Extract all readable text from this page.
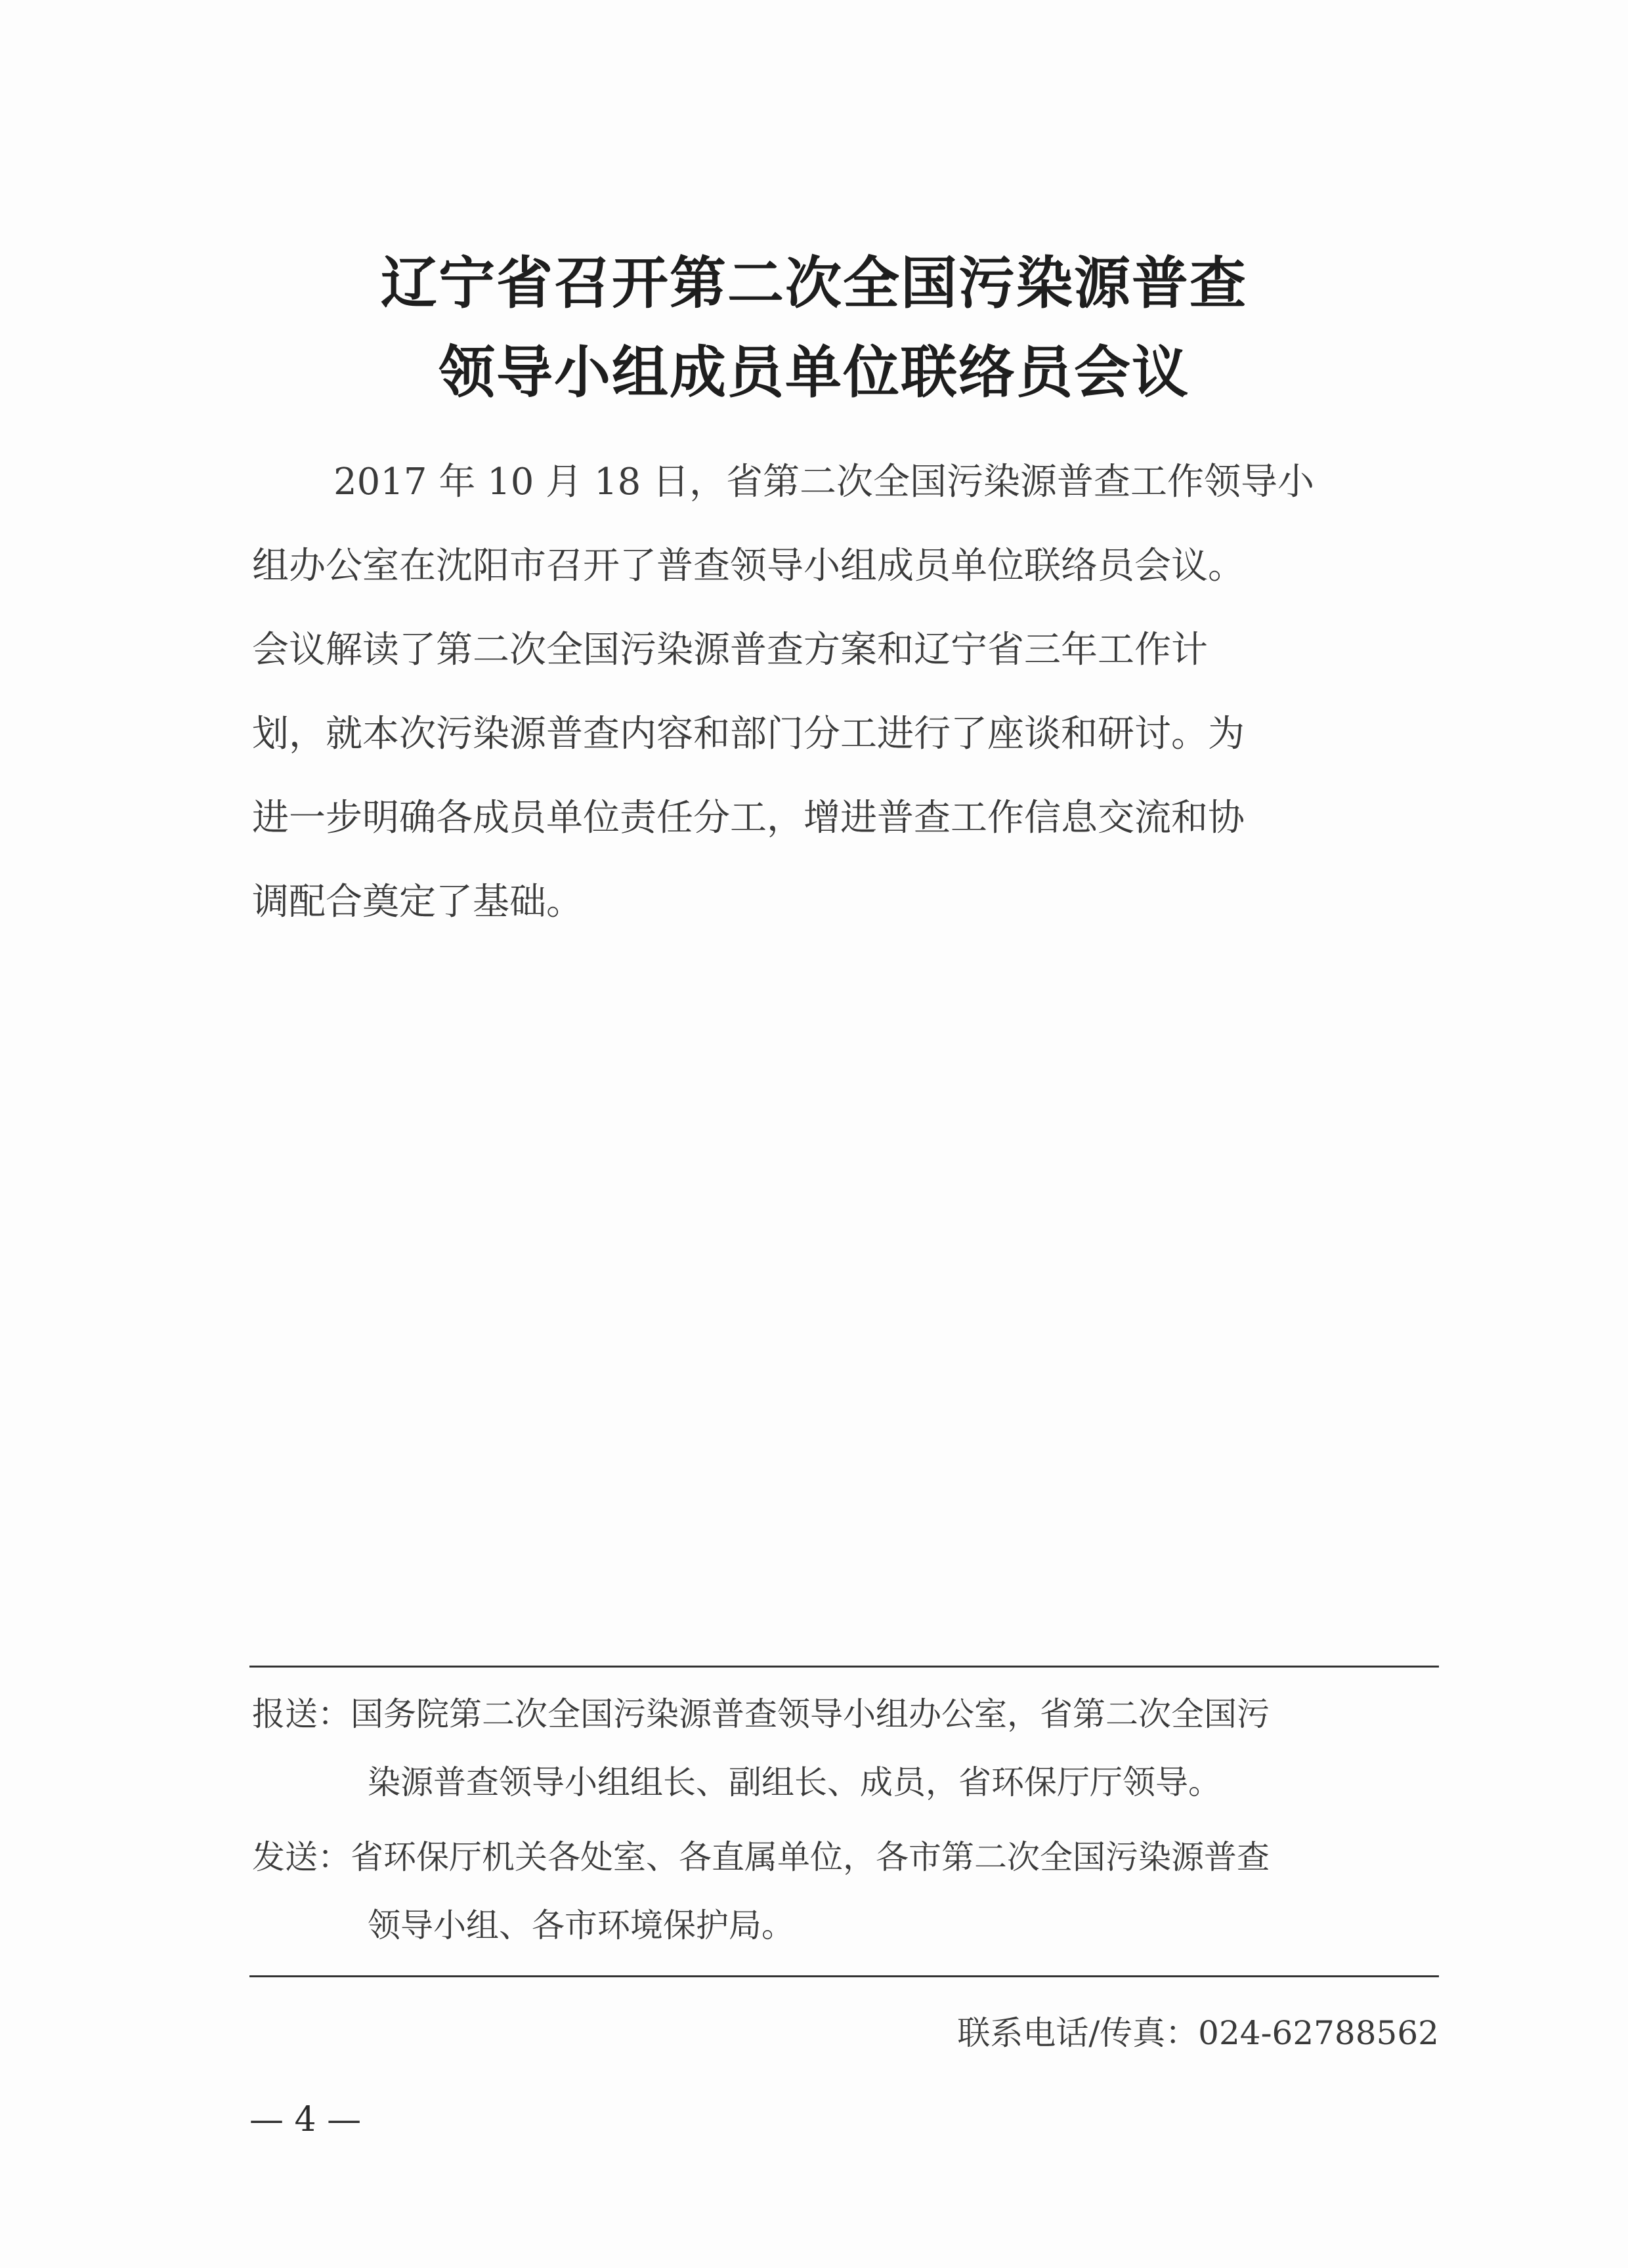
辽宁省召开第二次全国污染源普查
领导小组成员单位联络员会议
2017 年 10 月 18 日，省第二次全国污染源普查工作领导小
组办公室在沈阳市召开了普查领导小组成员单位联络员会议。
会议解读了第二次全国污染源普查方案和辽宁省三年工作计
划，就本次污染源普查内容和部门分工进行了座谈和研讨。为
进一步明确各成员单位责任分工，增进普查工作信息交流和协
调配合奠定了基础。
报送：国务院第二次全国污染源普查领导小组办公室，省第二次全国污
染源普查领导小组组长、副组长、成员，省环保厅厅领导。
发送：省环保厅机关各处室、各直属单位，各市第二次全国污染源普查
领导小组、各市环境保护局。
联系电话/传真：024-62788562
— 4 —
